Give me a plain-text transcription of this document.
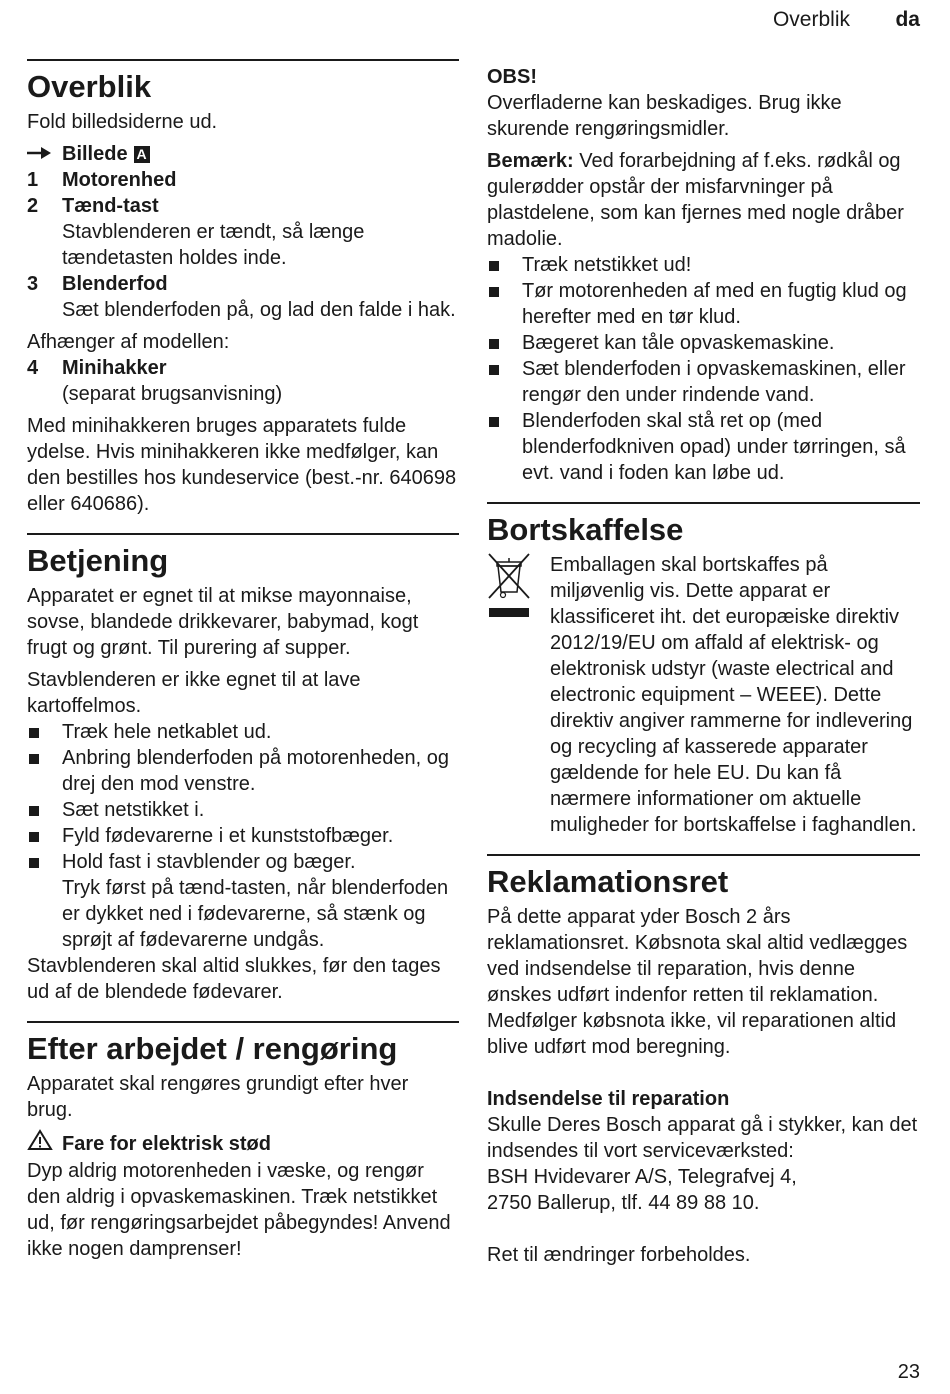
Overblik da
Overblik

Fold billedsiderne ud.

Billede A
1	Motorenhed
2	Tænd-tast
Stavblenderen er tændt, så længe tændetasten holdes inde.
3	Blenderfod
Sæt blenderfoden på, og lad den falde i hak.

Afhænger af modellen:

4	Minihakker
(separat brugsanvisning)

Med minihakkeren bruges apparatets fulde ydelse. Hvis minihakkeren ikke medfølger, kan den bestilles hos kundeservice (best.-nr. 640698 eller 640686).

Betjening

Apparatet er egnet til at mikse mayonnaise, sovse, blandede drikkevarer, babymad, kogt frugt og grønt. Til purering af supper.

Stavblenderen er ikke egnet til at lave kartoffelmos.

Træk hele netkablet ud.
Anbring blenderfoden på motorenheden, og drej den mod venstre.
Sæt netstikket i.
Fyld fødevarerne i et kunststofbæger.
Hold fast i stavblender og bæger.
Tryk først på tænd-tasten, når blenderfoden er dykket ned i fødevarerne, så stænk og sprøjt af fødevarerne undgås.

Stavblenderen skal altid slukkes, før den tages ud af de blendede fødevarer.

Efter arbejdet / rengøring

Apparatet skal rengøres grundigt efter hver brug.

Fare for elektrisk stød

Dyp aldrig motorenheden i væske, og rengør den aldrig i opvaskemaskinen. Træk netstikket ud, før rengøringsarbejdet påbegyndes! Anvend ikke nogen damprenser!

OBS!

Overfladerne kan beskadiges. Brug ikke skurende rengøringsmidler.

Bemærk: Ved forarbejdning af f.eks. rødkål og gulerødder opstår der misfarvninger på plastdelene, som kan fjernes med nogle dråber madolie.

Træk netstikket ud!
Tør motorenheden af med en fugtig klud og herefter med en tør klud.
Bægeret kan tåle opvaskemaskine.
Sæt blenderfoden i opvaskemaskinen, eller rengør den under rindende vand.
Blenderfoden skal stå ret op (med blenderfodkniven opad) under tørringen, så evt. vand i foden kan løbe ud.
Bortskaffelse

Emballagen skal bortskaffes på miljøvenlig vis. Dette apparat er klassificeret iht. det europæiske direktiv 2012/19/EU om affald af elektrisk- og elektronisk udstyr (waste electrical and electronic equipment – WEEE). Dette direktiv angiver rammerne for indlevering og recycling af kasserede apparater gældende for hele EU. Du kan få nærmere informationer om aktuelle muligheder for bortskaffelse i faghandlen.

Reklamationsret

På dette apparat yder Bosch 2 års reklamationsret. Købsnota skal altid vedlægges ved indsendelse til reparation, hvis denne ønskes udført indenfor retten til reklamation. Medfølger købsnota ikke, vil reparationen altid blive udført mod beregning.

Indsendelse til reparation

Skulle Deres Bosch apparat gå i stykker, kan det indsendes til vort serviceværksted:

BSH Hvidevarer A/S, Telegrafvej 4,

2750 Ballerup, tlf. 44 89 88 10.

Ret til ændringer forbeholdes.

23
